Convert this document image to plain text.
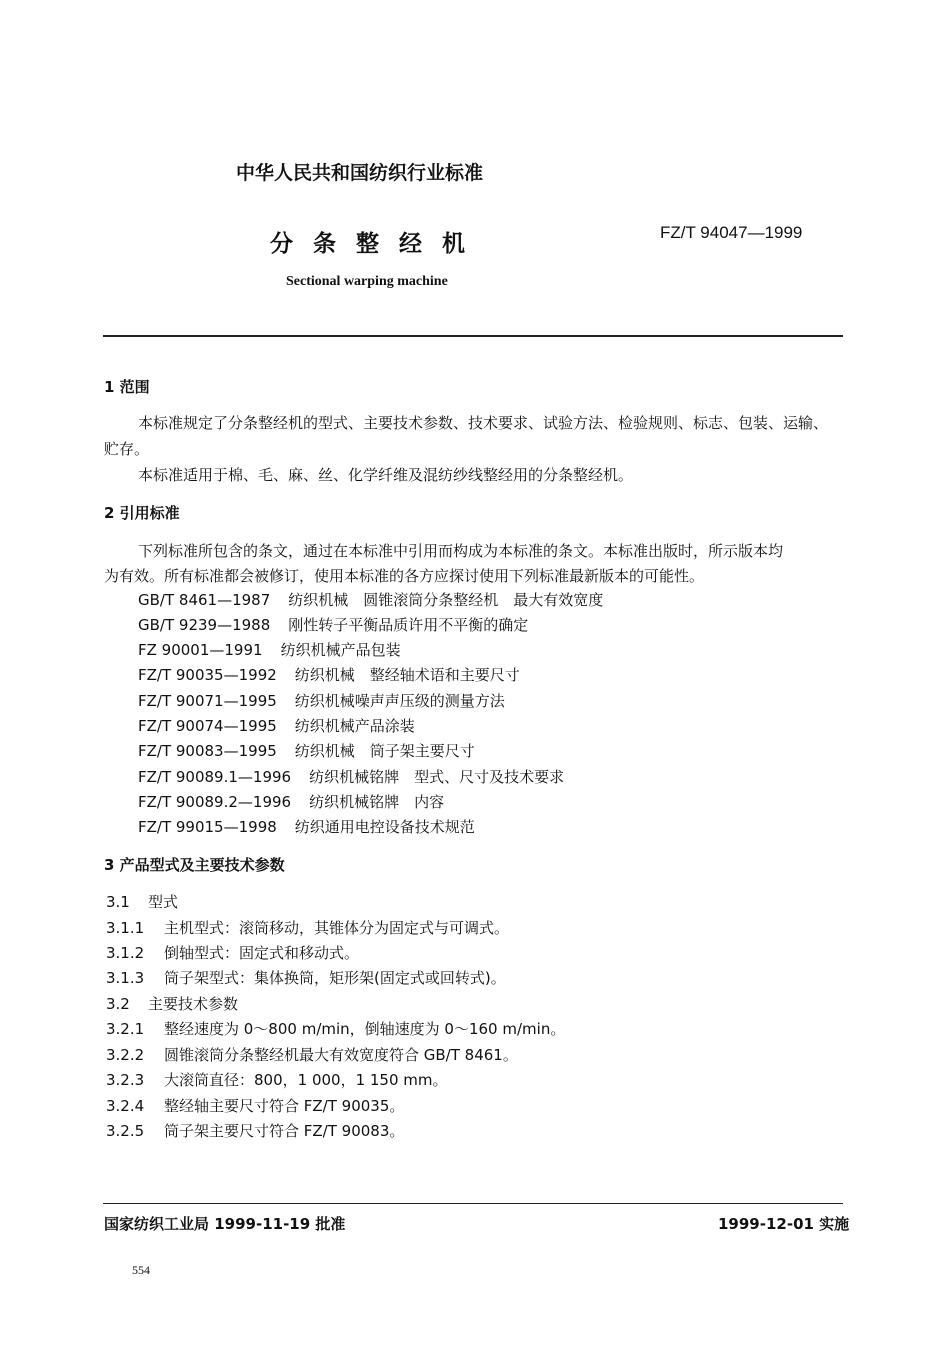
中华人民共和国纺织行业标准
分 条 整 经 机	FZ/T 94047—1999
Sectional warping machine
1 范围
本标准规定了分条整经机的型式、主要技术参数、技术要求、试验方法、检验规则、标志、包装、运输、
贮存。
本标准适用于棉、毛、麻、丝、化学纤维及混纺纱线整经用的分条整经机。
2 引用标准
下列标准所包含的条文，通过在本标准中引用而构成为本标准的条文。本标准出版时，所示版本均
为有效。所有标准都会被修订，使用本标准的各方应探讨使用下列标准最新版本的可能性。
GB/T 8461—1987 纺织机械　圆锥滚筒分条整经机　最大有效宽度
GB/T 9239—1988 刚性转子平衡品质许用不平衡的确定
FZ 90001—1991 纺织机械产品包装
FZ/T 90035—1992 纺织机械　整经轴术语和主要尺寸
FZ/T 90071—1995 纺织机械噪声声压级的测量方法
FZ/T 90074—1995 纺织机械产品涂装
FZ/T 90083—1995 纺织机械　筒子架主要尺寸
FZ/T 90089.1—1996 纺织机械铭牌　型式、尺寸及技术要求
FZ/T 90089.2—1996 纺织机械铭牌　内容
FZ/T 99015—1998 纺织通用电控设备技术规范
3 产品型式及主要技术参数
3.1 型式
3.1.1 主机型式：滚筒移动，其锥体分为固定式与可调式。
3.1.2 倒轴型式：固定式和移动式。
3.1.3 筒子架型式：集体换筒，矩形架(固定式或回转式)。
3.2 主要技术参数
3.2.1 整经速度为 0～800 m/min，倒轴速度为 0～160 m/min。
3.2.2 圆锥滚筒分条整经机最大有效宽度符合 GB/T 8461。
3.2.3 大滚筒直径：800，1 000，1 150 mm。
3.2.4 整经轴主要尺寸符合 FZ/T 90035。
3.2.5 筒子架主要尺寸符合 FZ/T 90083。
国家纺织工业局 1999-11-19 批准	1999-12-01 实施
554
